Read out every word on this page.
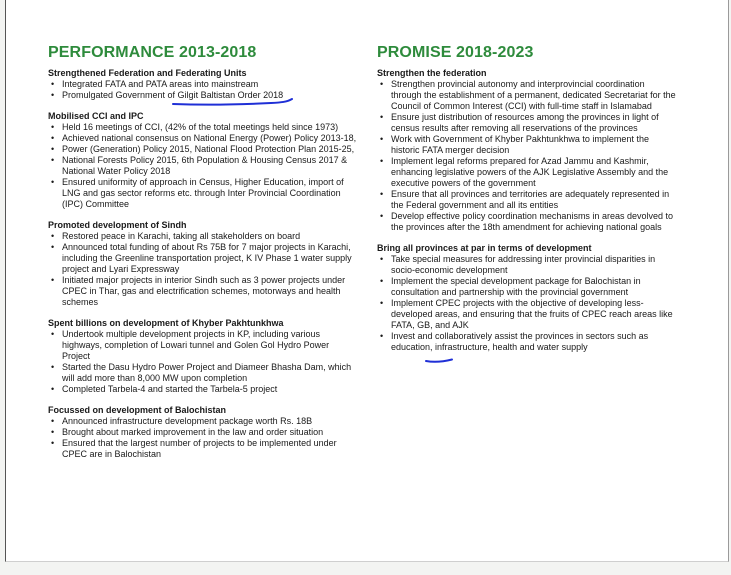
PERFORMANCE 2013-2018
Strengthened Federation and Federating Units
• Integrated FATA and PATA areas into mainstream
• Promulgated Government of Gilgit Baltistan Order 2018
Mobilised CCI and IPC
• Held 16 meetings of CCI, (42% of the total meetings held since 1973)
• Achieved national consensus on National Energy (Power) Policy 2013-18,
• Power (Generation) Policy 2015, National Flood Protection Plan 2015-25,
• National Forests Policy 2015, 6th Population & Housing Census 2017 & National Water Policy 2018
• Ensured uniformity of approach in Census, Higher Education, import of LNG and gas sector reforms etc. through Inter Provincial Coordination (IPC) Committee
Promoted development of Sindh
• Restored peace in Karachi, taking all stakeholders on board
• Announced total funding of about Rs 75B for 7 major projects in Karachi, including the Greenline transportation project, K IV Phase 1 water supply project and Lyari Expressway
• Initiated major projects in interior Sindh such as 3 power projects under CPEC in Thar, gas and electrification schemes, motorways and health schemes
Spent billions on development of Khyber Pakhtunkhwa
• Undertook multiple development projects in KP, including various highways, completion of Lowari tunnel and Golen Gol Hydro Power Project
• Started the Dasu Hydro Power Project and Diameer Bhasha Dam, which will add more than 8,000 MW upon completion
• Completed Tarbela-4 and started the Tarbela-5 project
Focussed on development of Balochistan
• Announced infrastructure development package worth Rs. 18B
• Brought about marked improvement in the law and order situation
• Ensured that the largest number of projects to be implemented under CPEC are in Balochistan
PROMISE 2018-2023
Strengthen the federation
• Strengthen provincial autonomy and interprovincial coordination through the establishment of a permanent, dedicated Secretariat for the Council of Common Interest (CCI) with full-time staff in Islamabad
• Ensure just distribution of resources among the provinces in light of census results after removing all reservations of the provinces
• Work with Government of Khyber Pakhtunkhwa to implement the historic FATA merger decision
• Implement legal reforms prepared for Azad Jammu and Kashmir, enhancing legislative powers of the AJK Legislative Assembly and the executive powers of the government
• Ensure that all provinces and territories are adequately represented in the Federal government and all its entities
• Develop effective policy coordination mechanisms in areas devolved to the provinces after the 18th amendment for achieving national goals
Bring all provinces at par in terms of development
• Take special measures for addressing inter provincial disparities in socio-economic development
• Implement the special development package for Balochistan in consultation and partnership with the provincial government
• Implement CPEC projects with the objective of developing less-developed areas, and ensuring that the fruits of CPEC reach areas like FATA, GB, and AJK
• Invest and collaboratively assist the provinces in sectors such as education, infrastructure, health and water supply
